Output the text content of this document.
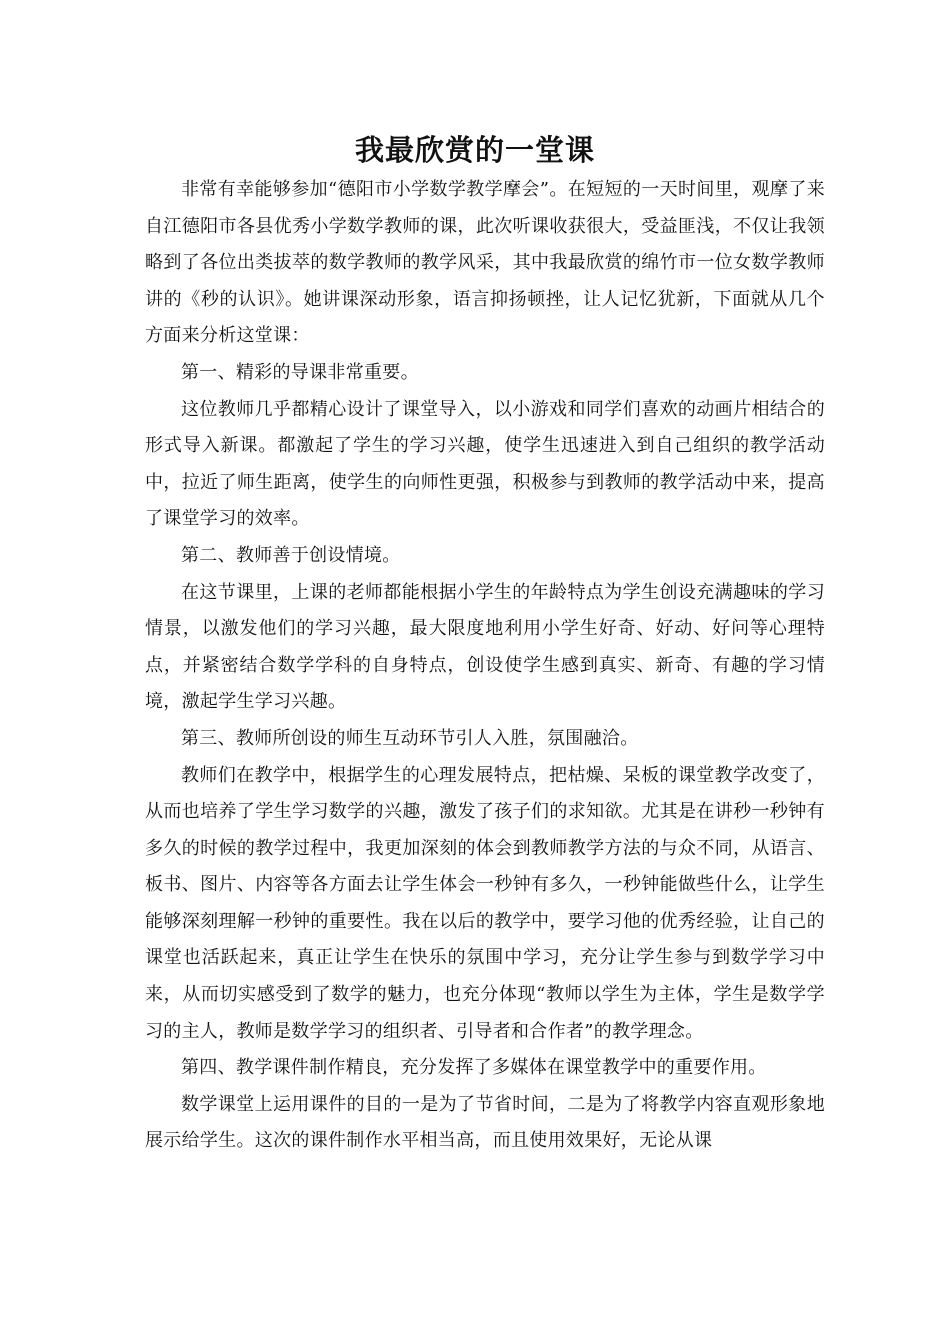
我最欣赏的一堂课

非常有幸能够参加“德阳市小学数学教学摩会”。在短短的一天时间里，观摩了来自江德阳市各县优秀小学数学教师的课，此次听课收获很大，受益匪浅，不仅让我领略到了各位出类拔萃的数学教师的教学风采，其中我最欣赏的绵竹市一位女数学教师讲的《秒的认识》。她讲课深动形象，语言抑扬顿挫，让人记忆犹新，下面就从几个方面来分析这堂课：

第一、精彩的导课非常重要。

这位教师几乎都精心设计了课堂导入，以小游戏和同学们喜欢的动画片相结合的形式导入新课。都激起了学生的学习兴趣，使学生迅速进入到自己组织的教学活动中，拉近了师生距离，使学生的向师性更强，积极参与到教师的教学活动中来，提高了课堂学习的效率。

第二、教师善于创设情境。

在这节课里，上课的老师都能根据小学生的年龄特点为学生创设充满趣味的学习情景，以激发他们的学习兴趣，最大限度地利用小学生好奇、好动、好问等心理特点，并紧密结合数学学科的自身特点，创设使学生感到真实、新奇、有趣的学习情境，激起学生学习兴趣。

第三、教师所创设的师生互动环节引人入胜，氛围融洽。

教师们在教学中，根据学生的心理发展特点，把枯燥、呆板的课堂教学改变了，从而也培养了学生学习数学的兴趣，激发了孩子们的求知欲。尤其是在讲秒一秒钟有多久的时候的教学过程中，我更加深刻的体会到教师教学方法的与众不同，从语言、板书、图片、内容等各方面去让学生体会一秒钟有多久，一秒钟能做些什么，让学生能够深刻理解一秒钟的重要性。我在以后的教学中，要学习他的优秀经验，让自己的课堂也活跃起来，真正让学生在快乐的氛围中学习，充分让学生参与到数学学习中来，从而切实感受到了数学的魅力，也充分体现“教师以学生为主体，学生是数学学习的主人，教师是数学学习的组织者、引导者和合作者”的教学理念。

第四、教学课件制作精良，充分发挥了多媒体在课堂教学中的重要作用。

数学课堂上运用课件的目的一是为了节省时间，二是为了将教学内容直观形象地展示给学生。这次的课件制作水平相当高，而且使用效果好，无论从课
